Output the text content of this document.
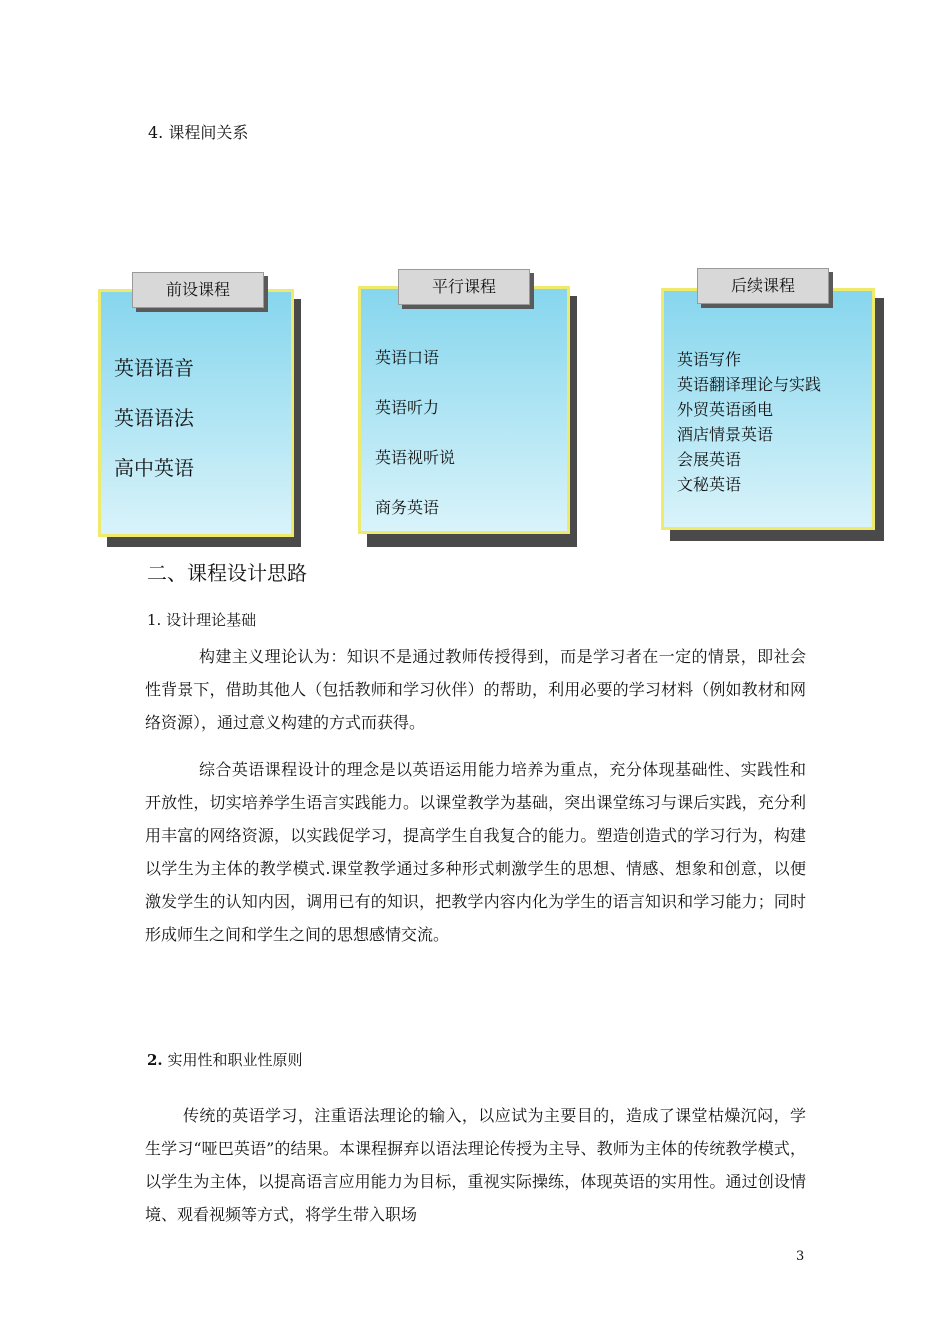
4. 课程间关系
前设课程
英语语音
英语语法
高中英语
平行课程
英语口语
英语听力
英语视听说
商务英语
后续课程
英语写作
英语翻译理论与实践
外贸英语函电
酒店情景英语
会展英语
文秘英语
二、课程设计思路
1. 设计理论基础

构建主义理论认为：知识不是通过教师传授得到，而是学习者在一定的情景，即社会性背景下，借助其他人（包括教师和学习伙伴）的帮助，利用必要的学习材料（例如教材和网络资源），通过意义构建的方式而获得。

综合英语课程设计的理念是以英语运用能力培养为重点，充分体现基础性、实践性和开放性，切实培养学生语言实践能力。以课堂教学为基础，突出课堂练习与课后实践，充分利用丰富的网络资源，以实践促学习，提高学生自我复合的能力。塑造创造式的学习行为，构建以学生为主体的教学模式.课堂教学通过多种形式刺激学生的思想、情感、想象和创意，以便激发学生的认知内因，调用已有的知识，把教学内容内化为学生的语言知识和学习能力；同时形成师生之间和学生之间的思想感情交流。

2. 实用性和职业性原则

传统的英语学习，注重语法理论的输入，以应试为主要目的，造成了课堂枯燥沉闷，学生学习“哑巴英语”的结果。本课程摒弃以语法理论传授为主导、教师为主体的传统教学模式，以学生为主体，以提高语言应用能力为目标，重视实际操练，体现英语的实用性。通过创设情境、观看视频等方式，将学生带入职场

3
